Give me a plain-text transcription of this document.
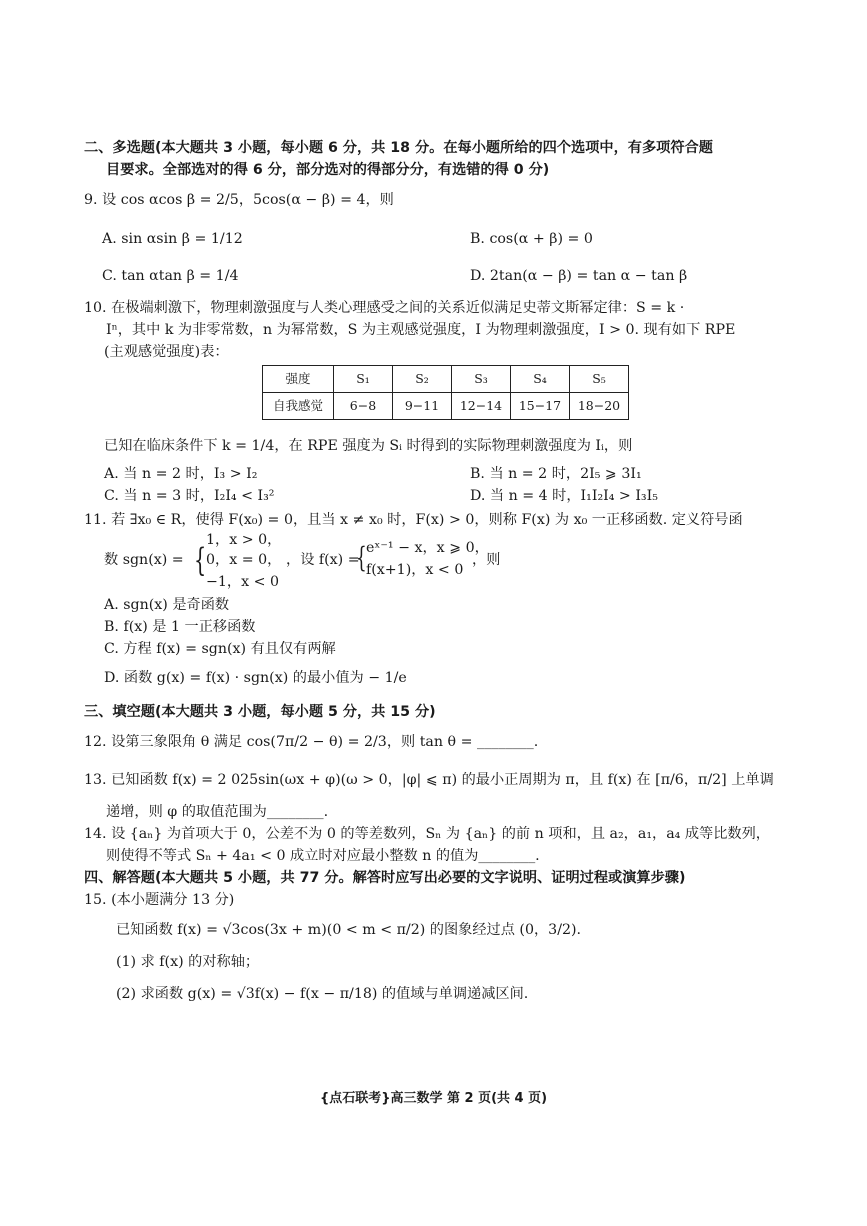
二、多选题(本大题共 3 小题，每小题 6 分，共 18 分。在每小题所给的四个选项中，有多项符合题
目要求。全部选对的得 6 分，部分选对的得部分分，有选错的得 0 分)
9. 设 cos αcos β = 2/5，5cos(α − β) = 4，则
A. sin αsin β = 1/12	B. cos(α + β) = 0
C. tan αtan β = 1/4	D. 2tan(α − β) = tan α − tan β
10. 在极端刺激下，物理刺激强度与人类心理感受之间的关系近似满足史蒂文斯幂定律：S = k ·
Iⁿ，其中 k 为非零常数，n 为幂常数，S 为主观感觉强度，I 为物理刺激强度，I > 0. 现有如下 RPE
(主观感觉强度)表：
强度	S₁	S₂	S₃	S₄	S₅
自我感觉	6−8	9−11	12−14	15−17	18−20
已知在临床条件下 k = 1/4，在 RPE 强度为 Sᵢ 时得到的实际物理刺激强度为 Iᵢ，则
A. 当 n = 2 时，I₃ > I₂	B. 当 n = 2 时，2I₅ ⩾ 3I₁
C. 当 n = 3 时，I₂I₄ < I₃²	D. 当 n = 4 时，I₁I₂I₄ > I₃I₅
11. 若 ∃x₀ ∈ R，使得 F(x₀) = 0，且当 x ≠ x₀ 时，F(x) > 0，则称 F(x) 为 x₀ 一正移函数. 定义符号函
数 sgn(x) = {
1，x > 0，
0，x = 0，
−1，x < 0
，设 f(x) =
{ eˣ⁻¹ − x，x ⩾ 0，
f(x+1)，x < 0
，则
A. sgn(x) 是奇函数
B. f(x) 是 1 一正移函数
C. 方程 f(x) = sgn(x) 有且仅有两解
D. 函数 g(x) = f(x) · sgn(x) 的最小值为 − 1/e
三、填空题(本大题共 3 小题，每小题 5 分，共 15 分)
12. 设第三象限角 θ 满足 cos(7π/2 − θ) = 2/3，则 tan θ = ________.
13. 已知函数 f(x) = 2 025sin(ωx + φ)(ω > 0，|φ| ⩽ π) 的最小正周期为 π，且 f(x) 在 [π/6，π/2] 上单调
递增，则 φ 的取值范围为________.
14. 设 {aₙ} 为首项大于 0，公差不为 0 的等差数列，Sₙ 为 {aₙ} 的前 n 项和，且 a₂，a₁，a₄ 成等比数列，
则使得不等式 Sₙ + 4a₁ < 0 成立时对应最小整数 n 的值为________.
四、解答题(本大题共 5 小题，共 77 分。解答时应写出必要的文字说明、证明过程或演算步骤)
15. (本小题满分 13 分)
已知函数 f(x) = √3cos(3x + m)(0 < m < π/2) 的图象经过点 (0，3/2).
(1) 求 f(x) 的对称轴；
(2) 求函数 g(x) = √3f(x) − f(x − π/18) 的值域与单调递减区间.
{点石联考}高三数学 第 2 页(共 4 页)
